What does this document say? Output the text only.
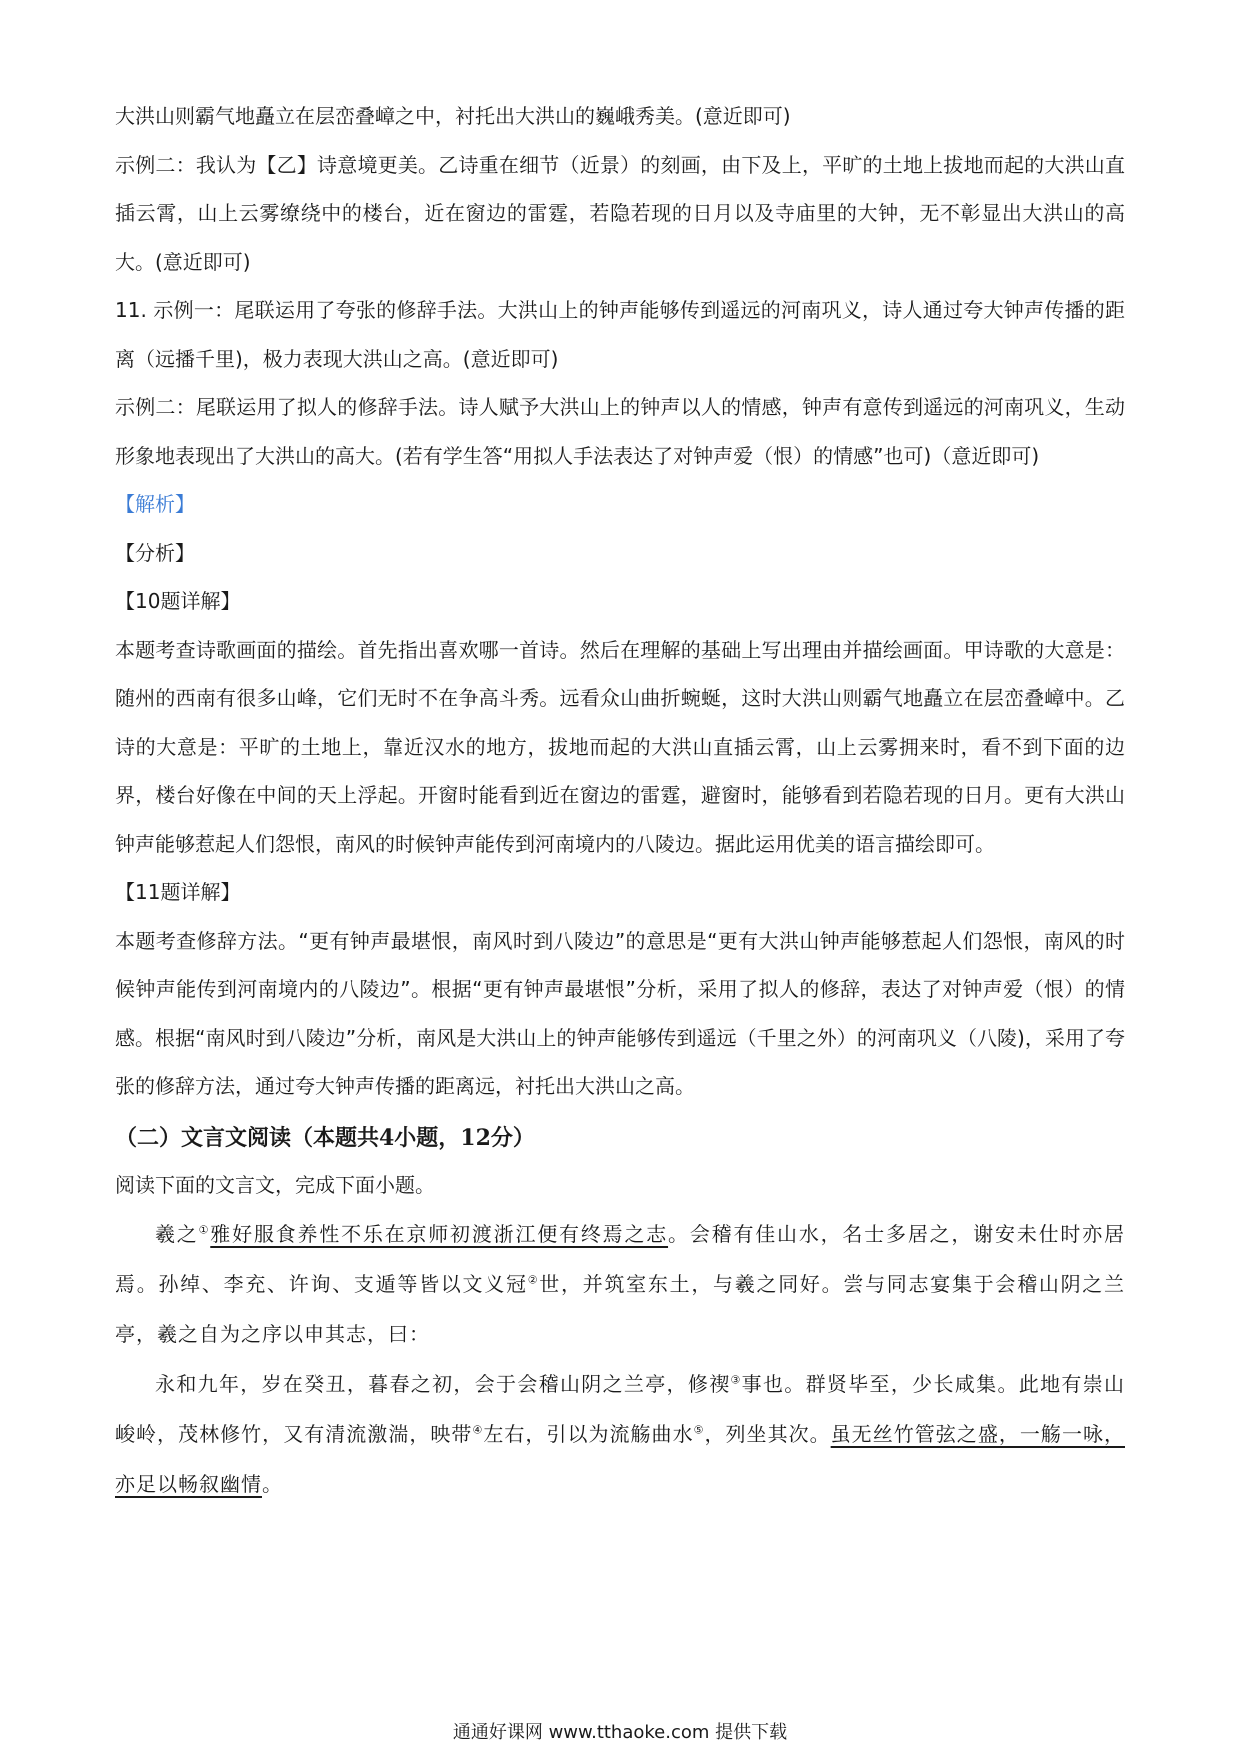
大洪山则霸气地矗立在层峦叠嶂之中，衬托出大洪山的巍峨秀美。(意近即可)

示例二：我认为【乙】诗意境更美。乙诗重在细节（近景）的刻画，由下及上，平旷的土地上拔地而起的大洪山直插云霄，山上云雾缭绕中的楼台，近在窗边的雷霆，若隐若现的日月以及寺庙里的大钟，无不彰显出大洪山的高大。(意近即可)

11. 示例一：尾联运用了夸张的修辞手法。大洪山上的钟声能够传到遥远的河南巩义，诗人通过夸大钟声传播的距离（远播千里)，极力表现大洪山之高。(意近即可)

示例二：尾联运用了拟人的修辞手法。诗人赋予大洪山上的钟声以人的情感，钟声有意传到遥远的河南巩义，生动形象地表现出了大洪山的高大。(若有学生答“用拟人手法表达了对钟声爱（恨）的情感”也可)（意近即可)

【解析】

【分析】

【10题详解】

本题考查诗歌画面的描绘。首先指出喜欢哪一首诗。然后在理解的基础上写出理由并描绘画面。甲诗歌的大意是：随州的西南有很多山峰，它们无时不在争高斗秀。远看众山曲折蜿蜒，这时大洪山则霸气地矗立在层峦叠嶂中。乙诗的大意是：平旷的土地上，靠近汉水的地方，拔地而起的大洪山直插云霄，山上云雾拥来时，看不到下面的边界，楼台好像在中间的天上浮起。开窗时能看到近在窗边的雷霆，避窗时，能够看到若隐若现的日月。更有大洪山钟声能够惹起人们怨恨，南风的时候钟声能传到河南境内的八陵边。据此运用优美的语言描绘即可。

【11题详解】

本题考查修辞方法。“更有钟声最堪恨，南风时到八陵边”的意思是“更有大洪山钟声能够惹起人们怨恨，南风的时候钟声能传到河南境内的八陵边”。根据“更有钟声最堪恨”分析，采用了拟人的修辞，表达了对钟声爱（恨）的情感。根据“南风时到八陵边”分析，南风是大洪山上的钟声能够传到遥远（千里之外）的河南巩义（八陵)，采用了夸张的修辞方法，通过夸大钟声传播的距离远，衬托出大洪山之高。

（二）文言文阅读（本题共4小题，12分）

阅读下面的文言文，完成下面小题。

羲之①雅好服食养性不乐在京师初渡浙江便有终焉之志。会稽有佳山水，名士多居之，谢安未仕时亦居焉。孙绰、李充、许询、支遁等皆以文义冠②世，并筑室东土，与羲之同好。尝与同志宴集于会稽山阴之兰亭，羲之自为之序以申其志，曰：

永和九年，岁在癸丑，暮春之初，会于会稽山阴之兰亭，修禊③事也。群贤毕至，少长咸集。此地有崇山峻岭，茂林修竹，又有清流激湍，映带④左右，引以为流觞曲水⑤，列坐其次。虽无丝竹管弦之盛，一觞一咏，亦足以畅叙幽情。

通通好课网 www.tthaoke.com 提供下载
